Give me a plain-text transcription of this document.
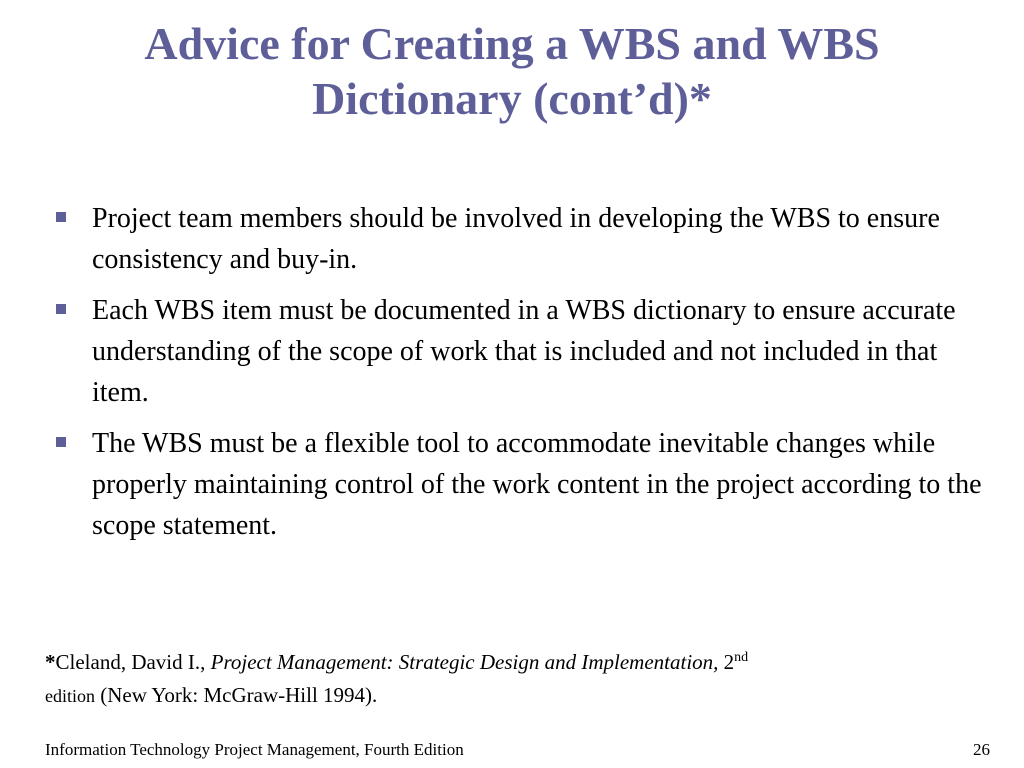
Advice for Creating a WBS and WBS
Dictionary (cont’d)*
Project team members should be involved in developing the WBS to ensure consistency and buy-in.
Each WBS item must be documented in a WBS dictionary to ensure accurate understanding of the scope of work that is included and not included in that item.
The WBS must be a flexible tool to accommodate inevitable changes while properly maintaining control of the work content in the project according to the scope statement.
*Cleland, David I., Project Management: Strategic Design and Implementation, 2nd
edition (New York: McGraw-Hill 1994).
Information Technology Project Management, Fourth Edition	26
